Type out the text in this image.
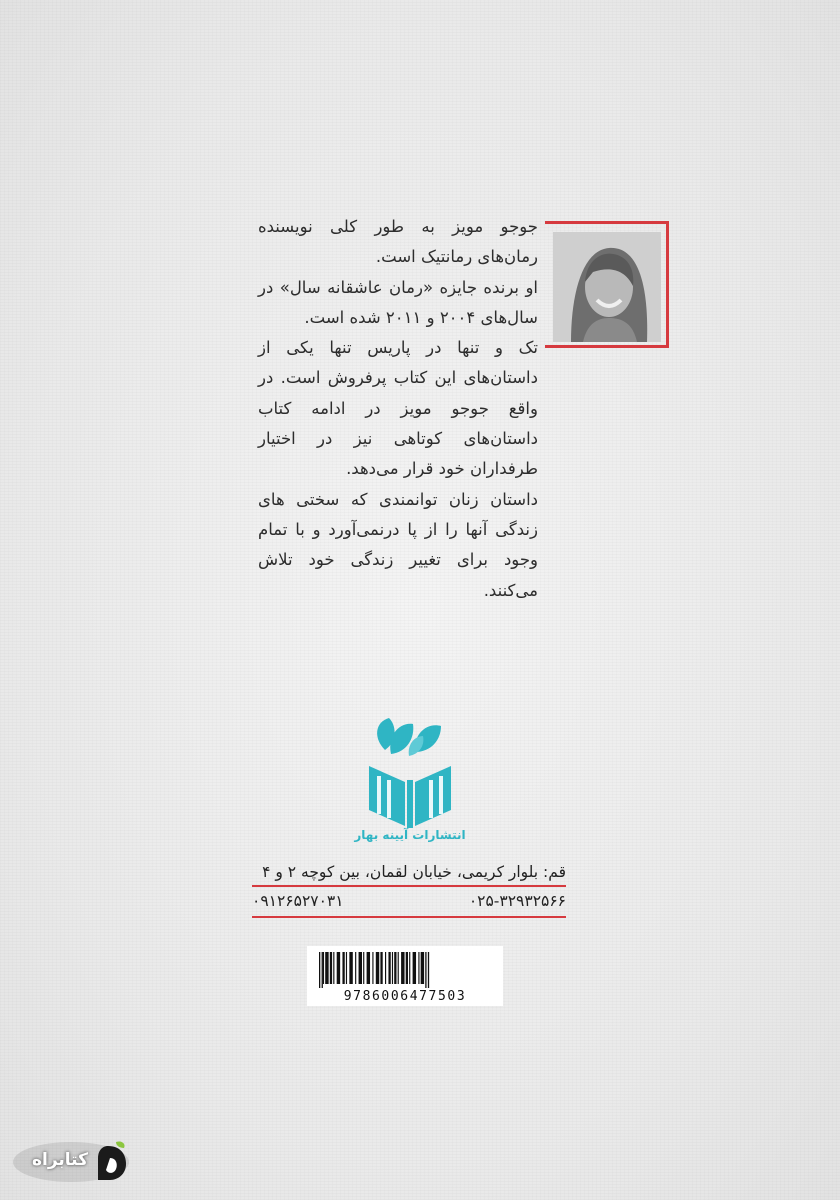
جوجو مویز به طور کلی نویسنده رمان‌های رمانتیک است.

او برنده جایزه «رمان عاشقانه سال» در سال‌های ۲۰۰۴ و ۲۰۱۱ شده است.

تک و تنها در پاریس تنها یکی از داستان‌های این کتاب پرفروش است. در واقع جوجو مویز در ادامه کتاب داستان‌های کوتاهی نیز در اختیار طرفداران خود قرار می‌دهد.

داستان زنان توانمندی که سختی های زندگی آنها را از پا درنمی‌آورد و با تمام وجود برای تغییر زندگی خود تلاش می‌کنند.

انتشارات آیینه بهار
قم: بلوار کریمی، خیابان لقمان، بین کوچه ۲ و ۴
۰۲۵-۳۲۹۳۲۵۶۶
۰۹۱۲۶۵۲۷۰۳۱
9786006477503
کتابراه
